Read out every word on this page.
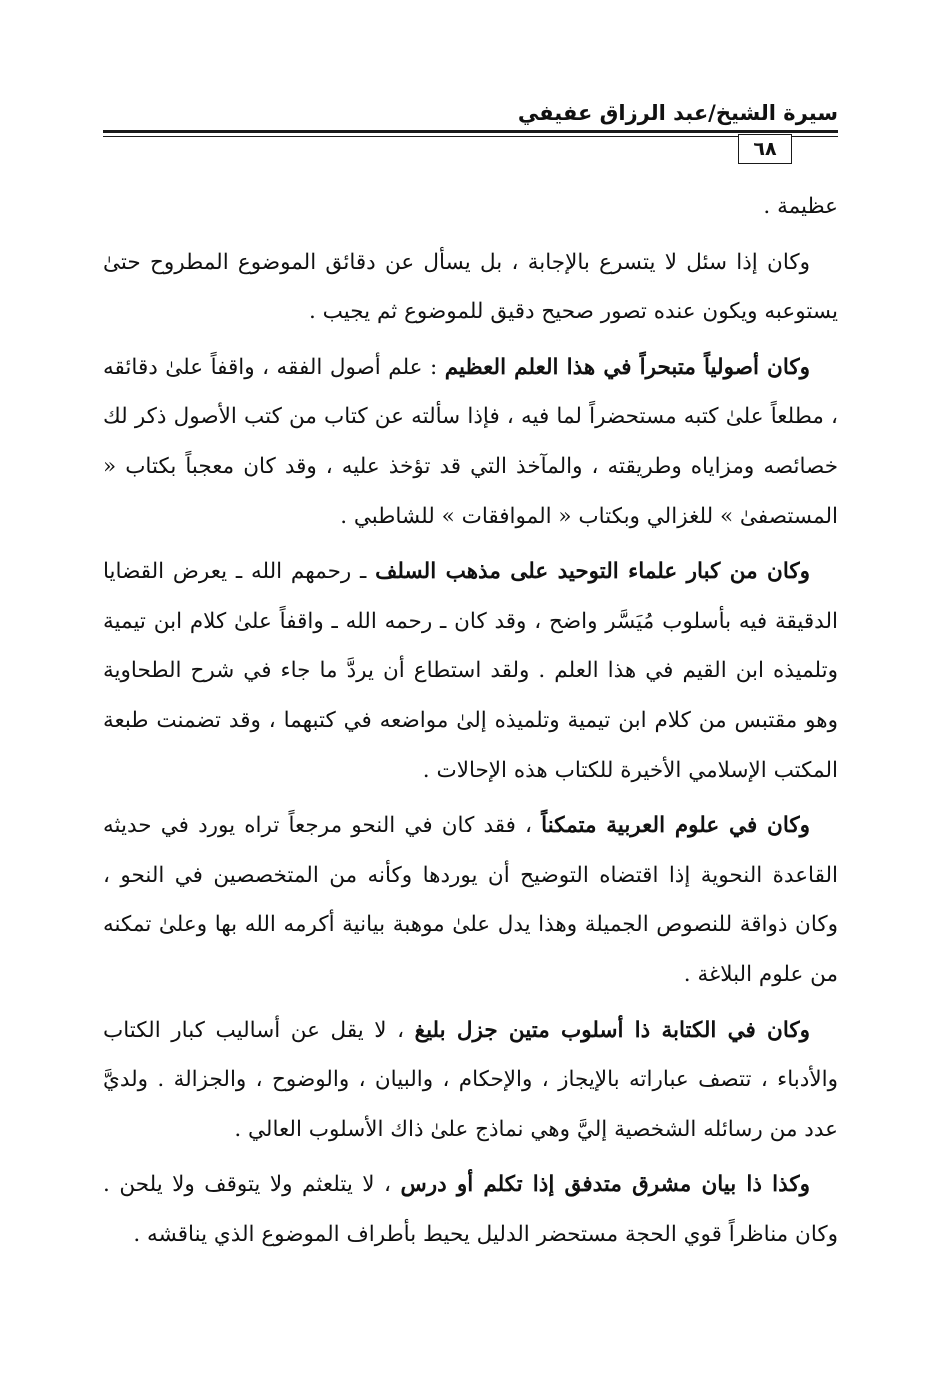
سيرة الشيخ/عبد الرزاق عفيفي
٦٨

عظيمة .

وكان إذا سئل لا يتسرع بالإجابة ، بل يسأل عن دقائق الموضوع المطروح حتىٰ يستوعبه ويكون عنده تصور صحيح دقيق للموضوع ثم يجيب .

وكان أصولياً متبحراً في هذا العلم العظيم : علم أصول الفقه ، واقفاً علىٰ دقائقه ، مطلعاً علىٰ كتبه مستحضراً لما فيه ، فإذا سألته عن كتاب من كتب الأصول ذكر لك خصائصه ومزاياه وطريقته ، والمآخذ التي قد تؤخذ عليه ، وقد كان معجباً بكتاب « المستصفىٰ » للغزالي وبكتاب « الموافقات » للشاطبي .

وكان من كبار علماء التوحيد على مذهب السلف ـ رحمهم الله ـ يعرض القضايا الدقيقة فيه بأسلوب مُيَسَّر واضح ، وقد كان ـ رحمه الله ـ واقفاً علىٰ كلام ابن تيمية وتلميذه ابن القيم في هذا العلم . ولقد استطاع أن يردَّ ما جاء في شرح الطحاوية وهو مقتبس من كلام ابن تيمية وتلميذه إلىٰ مواضعه في كتبهما ، وقد تضمنت طبعة المكتب الإسلامي الأخيرة للكتاب هذه الإحالات .

وكان في علوم العربية متمكناً ، فقد كان في النحو مرجعاً تراه يورد في حديثه القاعدة النحوية إذا اقتضاه التوضيح أن يوردها وكأنه من المتخصصين في النحو ، وكان ذواقة للنصوص الجميلة وهذا يدل علىٰ موهبة بيانية أكرمه الله بها وعلىٰ تمكنه من علوم البلاغة .

وكان في الكتابة ذا أسلوب متين جزل بليغ ، لا يقل عن أساليب كبار الكتاب والأدباء ، تتصف عباراته بالإيجاز ، والإحكام ، والبيان ، والوضوح ، والجزالة . ولديَّ عدد من رسائله الشخصية إليَّ وهي نماذج علىٰ ذاك الأسلوب العالي .

وكذا ذا بيان مشرق متدفق إذا تكلم أو درس ، لا يتلعثم ولا يتوقف ولا يلحن . وكان مناظراً قوي الحجة مستحضر الدليل يحيط بأطراف الموضوع الذي يناقشه .
